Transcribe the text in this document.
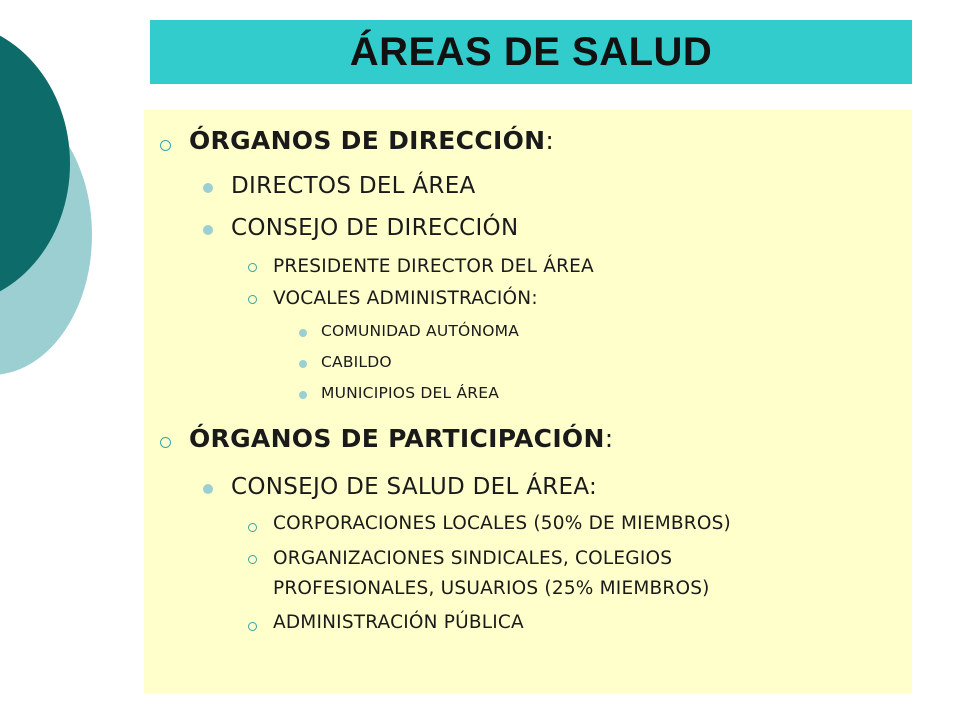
ÁREAS DE SALUD
ÓRGANOS DE DIRECCIÓN:
DIRECTOS DEL ÁREA
CONSEJO DE DIRECCIÓN
PRESIDENTE DIRECTOR DEL ÁREA
VOCALES ADMINISTRACIÓN:
COMUNIDAD AUTÓNOMA
CABILDO
MUNICIPIOS DEL ÁREA
ÓRGANOS DE PARTICIPACIÓN:
CONSEJO DE SALUD DEL ÁREA:
CORPORACIONES LOCALES (50% DE MIEMBROS)
ORGANIZACIONES SINDICALES, COLEGIOS
PROFESIONALES, USUARIOS (25% MIEMBROS)
ADMINISTRACIÓN PÚBLICA
